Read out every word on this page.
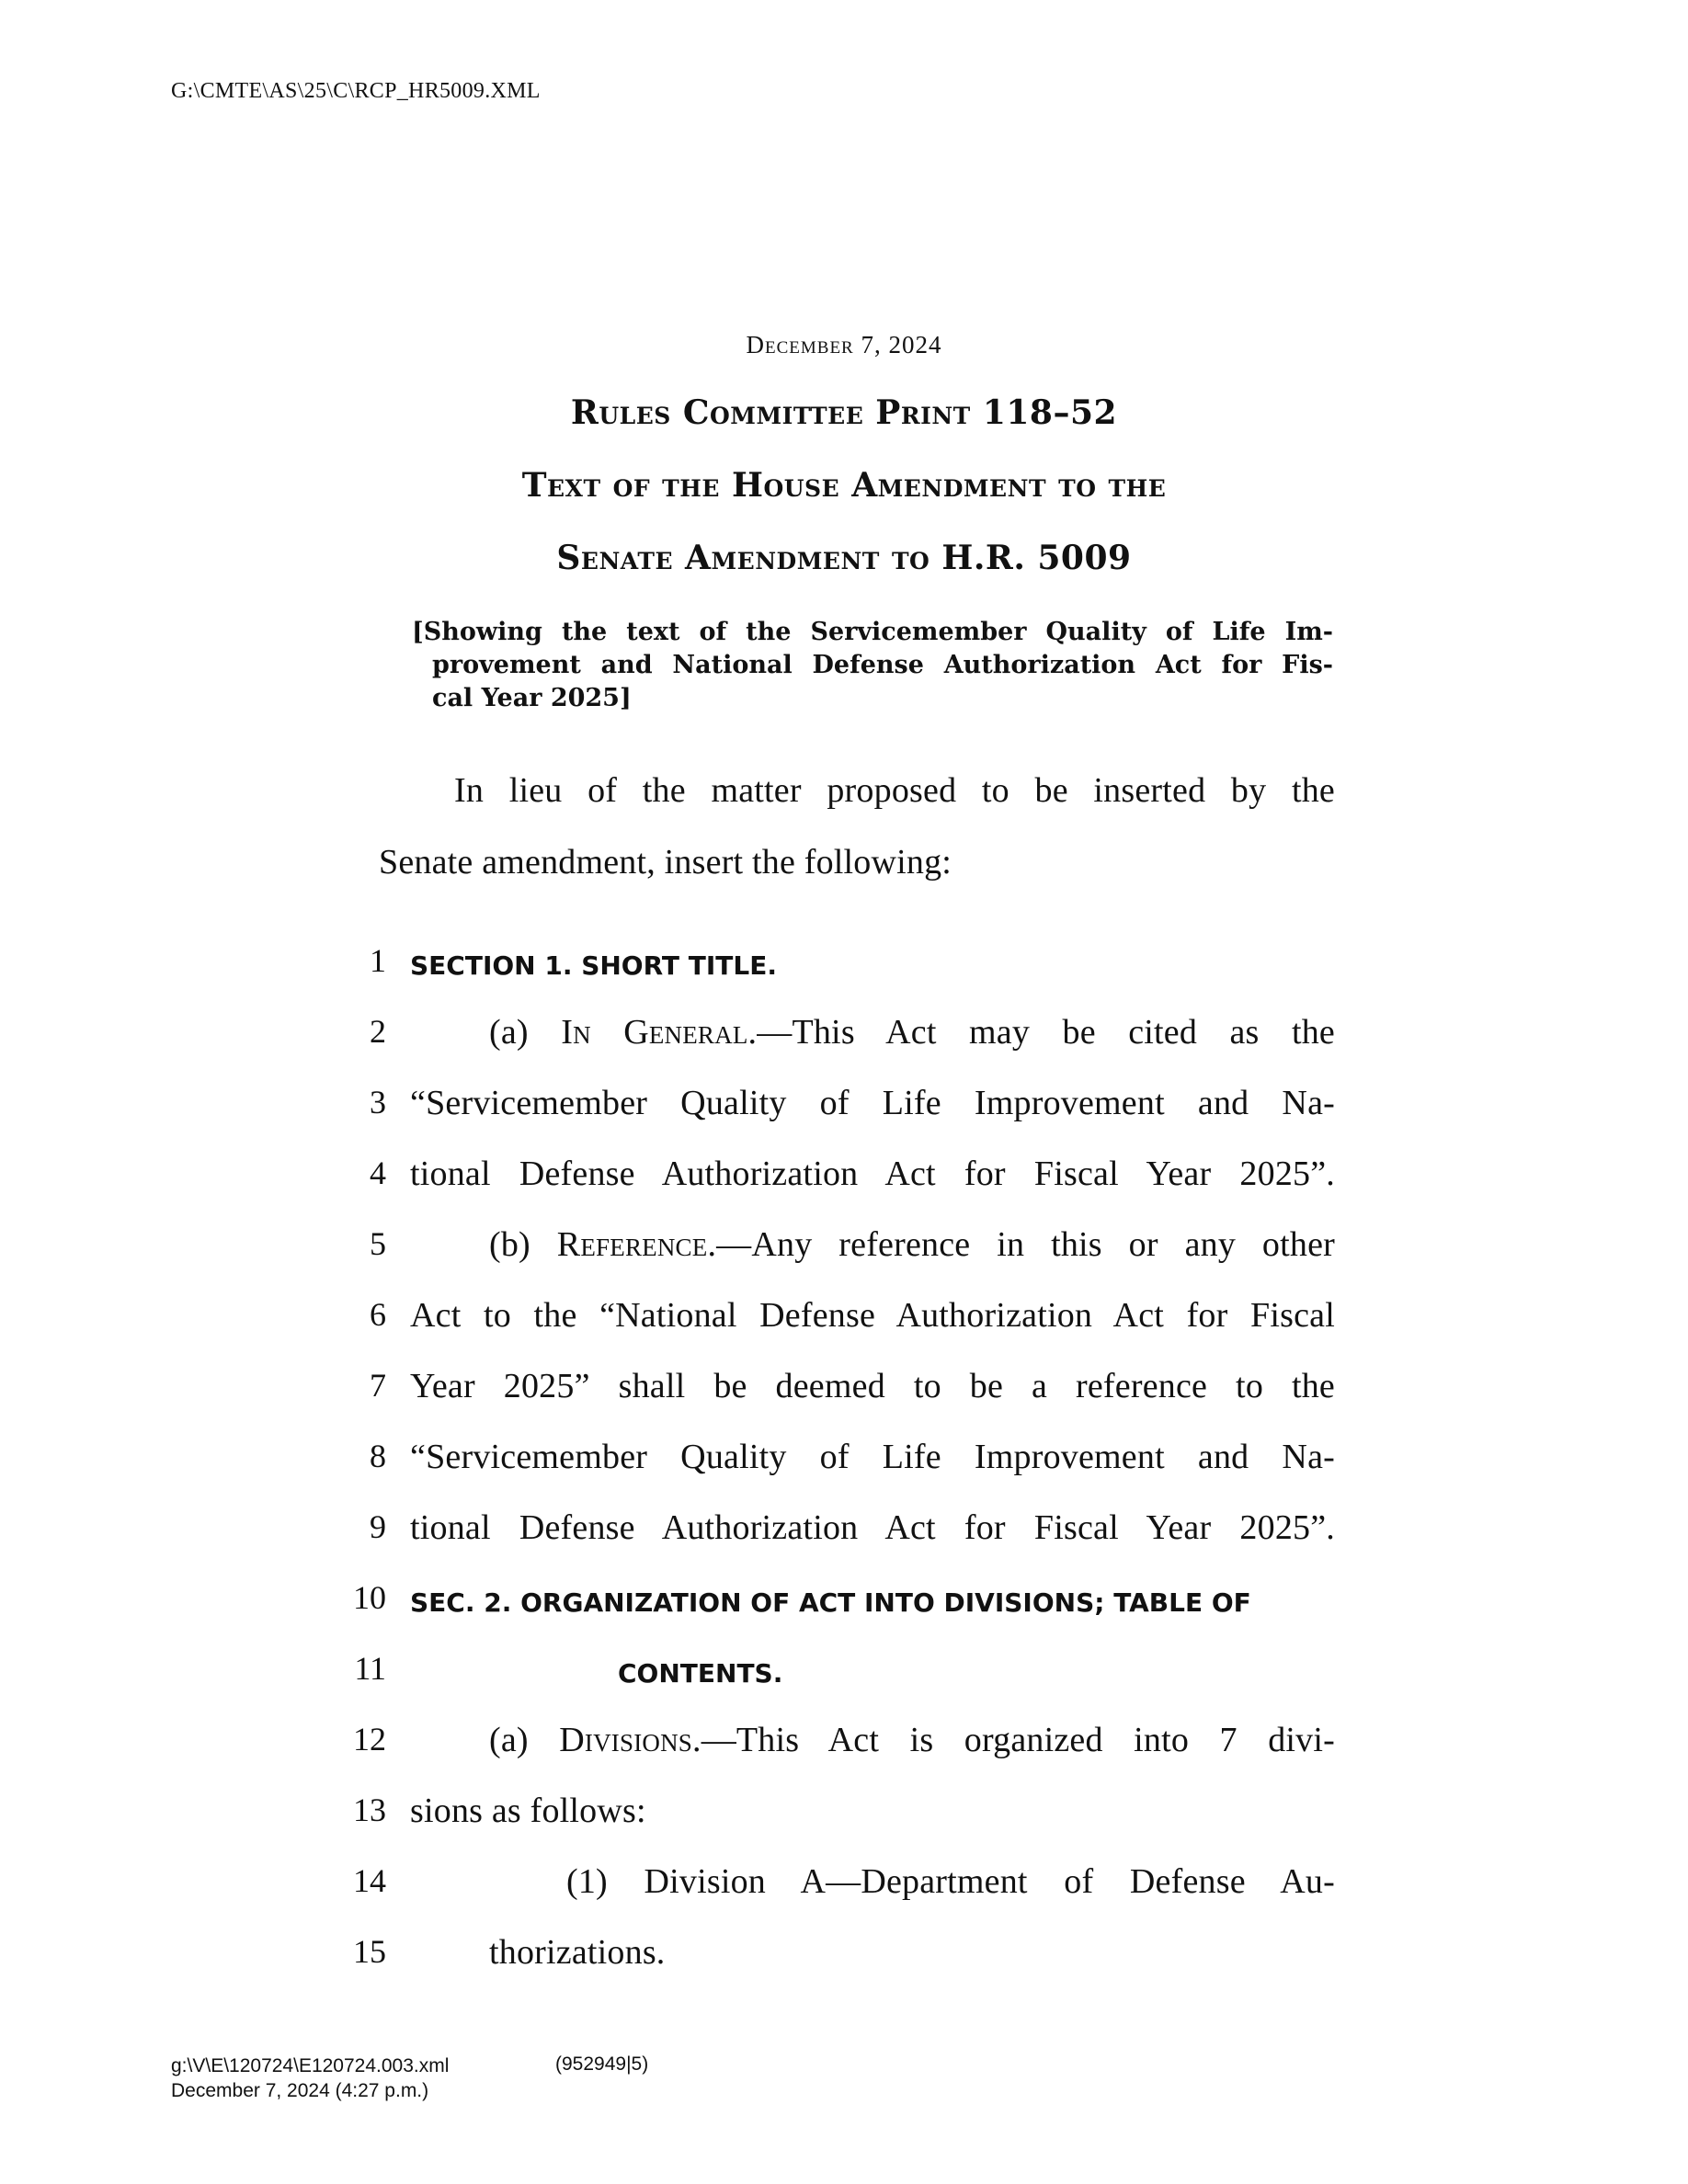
G:\CMTE\AS\25\C\RCP_HR5009.XML
December 7, 2024
Rules Committee Print 118–52
Text of the House Amendment to the
Senate Amendment to H.R. 5009
[Showing the text of the Servicemember Quality of Life Im-
provement and National Defense Authorization Act for Fis-
cal Year 2025]
In lieu of the matter proposed to be inserted by the
Senate amendment, insert the following:
1 SECTION 1. SHORT TITLE.
2	(a) In General.—This Act may be cited as the
3 “Servicemember Quality of Life Improvement and Na-
4 tional Defense Authorization Act for Fiscal Year 2025”.
5	(b) Reference.—Any reference in this or any other
6 Act to the “National Defense Authorization Act for Fiscal
7 Year 2025” shall be deemed to be a reference to the
8 “Servicemember Quality of Life Improvement and Na-
9 tional Defense Authorization Act for Fiscal Year 2025”.
10 SEC. 2. ORGANIZATION OF ACT INTO DIVISIONS; TABLE OF
11	CONTENTS.
12	(a) Divisions.—This Act is organized into 7 divi-
13 sions as follows:
14	(1) Division A—Department of Defense Au-
15	thorizations.
g:\V\E\120724\E120724.003.xml
December 7, 2024 (4:27 p.m.)
(952949|5)
